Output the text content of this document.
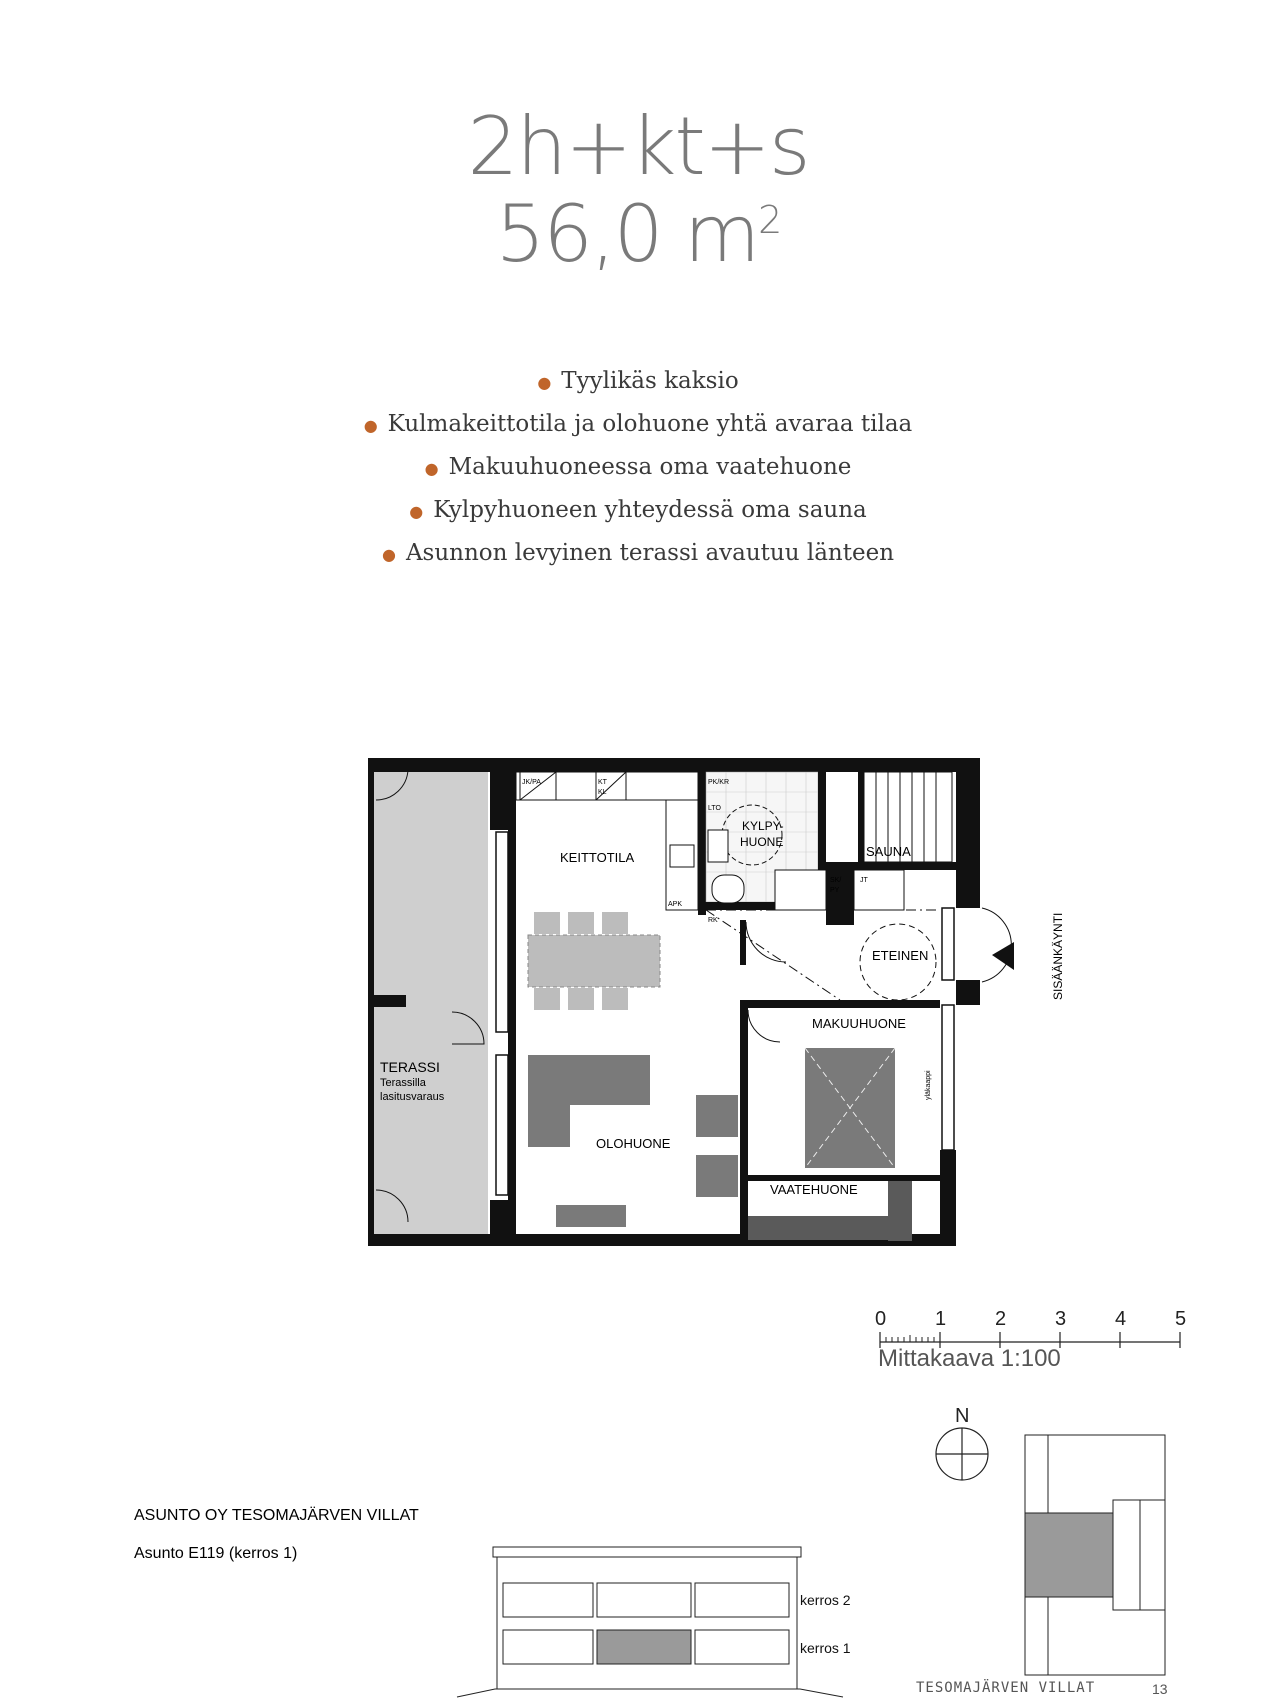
2h+kt+s
56,0 $m^2$
● Tyylikäs kaksio
● Kulmakeittotila ja olohuone yhtä avaraa tilaa
● Makuuhuoneessa oma vaatehuone
● Kylpyhuoneen yhteydessä oma sauna
● Asunnon levyinen terassi avautuu länteen
KEITTOTILA
OLOHUONE
KYLPY-
HUONE
SAUNA
ETEINEN
MAKUUHUONE
VAATEHUONE
TERASSI
Terassilla
lasitusvaraus
JK/PA	KT
KL
PK/KR
LTO
APK
RK
SK/
PY
JT
yläkaappi
SISÄÄNKÄYNTI
0 1 2 3 4 5
Mittakaava 1:100
N
ASUNTO OY TESOMAJÄRVEN VILLAT
Asunto E119 (kerros 1)
kerros 2
kerros 1
TESOMAJÄRVEN VILLAT	13
